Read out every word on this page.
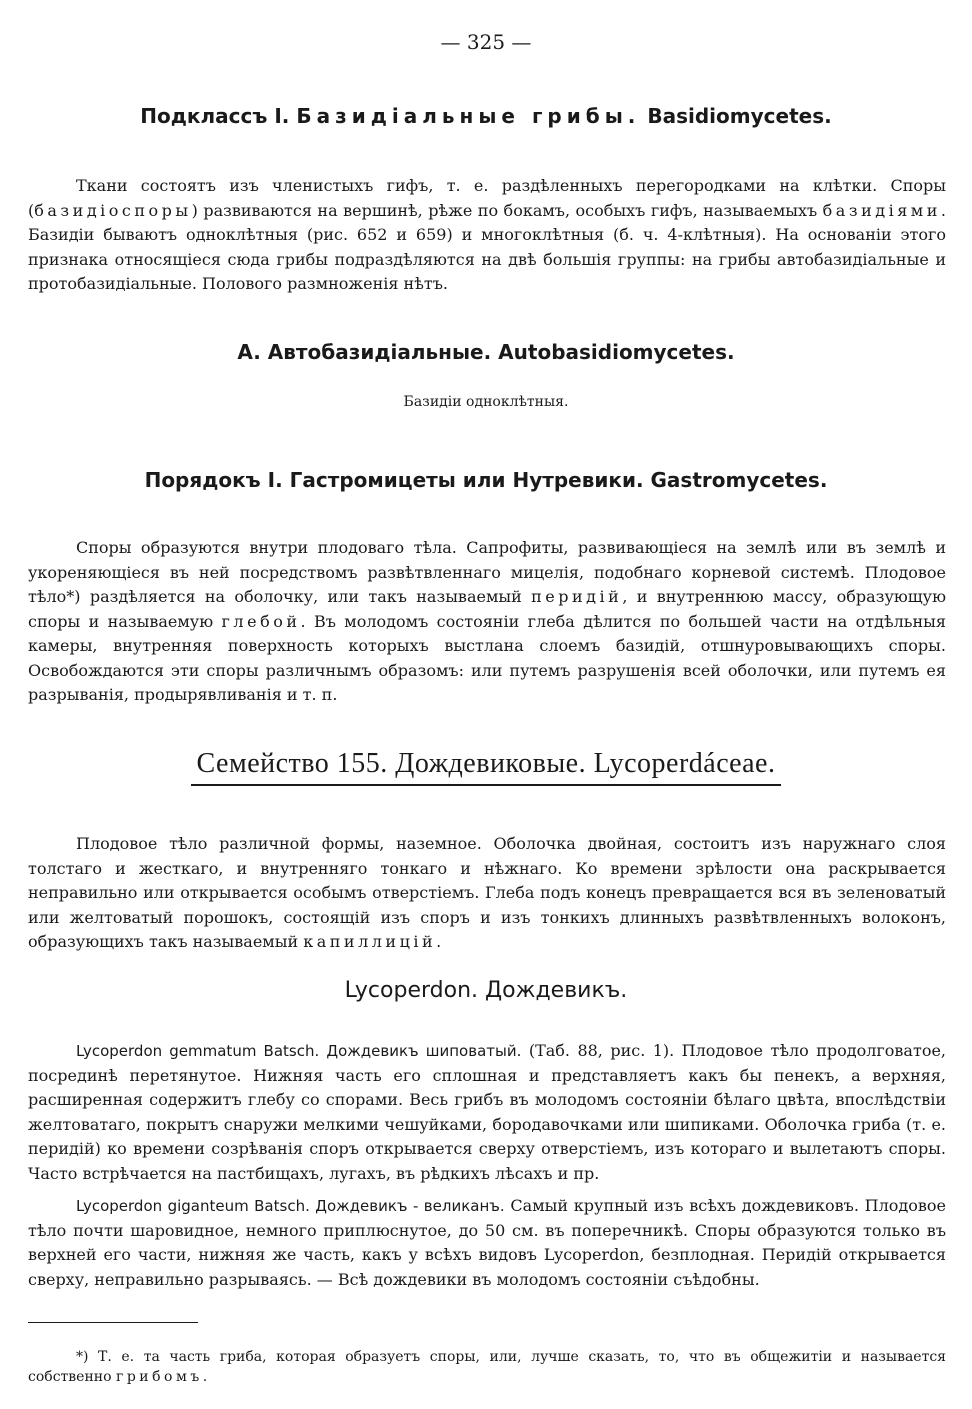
— 325 —
Подклассъ I. Базидіальные грибы. Basidiomycetes.

Ткани состоятъ изъ членистыхъ гифъ, т. е. раздѣленныхъ перегородками на клѣтки. Споры (базидіоспоры) развиваются на вершинѣ, рѣже по бокамъ, особыхъ гифъ, называемыхъ базидіями. Базидіи бываютъ одноклѣтныя (рис. 652 и 659) и многоклѣтныя (б. ч. 4-клѣтныя). На основаніи этого признака относящіеся сюда грибы подраздѣляются на двѣ большія группы: на грибы автобазидіальные и протобазидіальные. Полового размноженія нѣтъ.

A. Автобазидіальные. Autobasidiomycetes.
Базидіи одноклѣтныя.
Порядокъ I. Гастромицеты или Нутревики. Gastromycetes.

Споры образуются внутри плодоваго тѣла. Сапрофиты, развивающіеся на землѣ или въ землѣ и укореняющіеся въ ней посредствомъ развѣтвленнаго мицелія, подобнаго корневой системѣ. Плодовое тѣло*) раздѣляется на оболочку, или такъ называемый перидій, и внутреннюю массу, образующую споры и называемую глебой. Въ молодомъ состояніи глеба дѣлится по большей части на отдѣльныя камеры, внутренняя поверхность которыхъ выстлана слоемъ базидій, отшнуровывающихъ споры. Освобождаются эти споры различнымъ образомъ: или путемъ разрушенія всей оболочки, или путемъ ея разрыванія, продырявливанія и т. п.

Семейство 155. Дождевиковые. Lycoperdáceae.

Плодовое тѣло различной формы, наземное. Оболочка двойная, состоитъ изъ наружнаго слоя толстаго и жесткаго, и внутренняго тонкаго и нѣжнаго. Ко времени зрѣлости она раскрывается неправильно или открывается особымъ отверстіемъ. Глеба подъ конецъ превращается вся въ зеленоватый или желтоватый порошокъ, состоящій изъ споръ и изъ тонкихъ длинныхъ развѣтвленныхъ волоконъ, образующихъ такъ называемый капиллицій.

Lycoperdon. Дождевикъ.

Lycoperdon gemmatum Batsch. Дождевикъ шиповатый. (Таб. 88, рис. 1). Плодовое тѣло продолговатое, посрединѣ перетянутое. Нижняя часть его сплошная и представляетъ какъ бы пенекъ, а верхняя, расширенная содержитъ глебу со спорами. Весь грибъ въ молодомъ состояніи бѣлаго цвѣта, впослѣдствіи желтоватаго, покрытъ снаружи мелкими чешуйками, бородавочками или шипиками. Оболочка гриба (т. е. перидій) ко времени созрѣванія споръ открывается сверху отверстіемъ, изъ котораго и вылетаютъ споры. Часто встрѣчается на пастбищахъ, лугахъ, въ рѣдкихъ лѣсахъ и пр.

Lycoperdon giganteum Batsch. Дождевикъ - великанъ. Самый крупный изъ всѣхъ дождевиковъ. Плодовое тѣло почти шаровидное, немного приплюснутое, до 50 см. въ поперечникѣ. Споры образуются только въ верхней его части, нижняя же часть, какъ у всѣхъ видовъ Lycoperdon, безплодная. Перидій открывается сверху, неправильно разрываясь. — Всѣ дождевики въ молодомъ состояніи съѣдобны.

*) Т. е. та часть гриба, которая образуетъ споры, или, лучше сказать, то, что въ общежитіи и называется собственно грибомъ.
